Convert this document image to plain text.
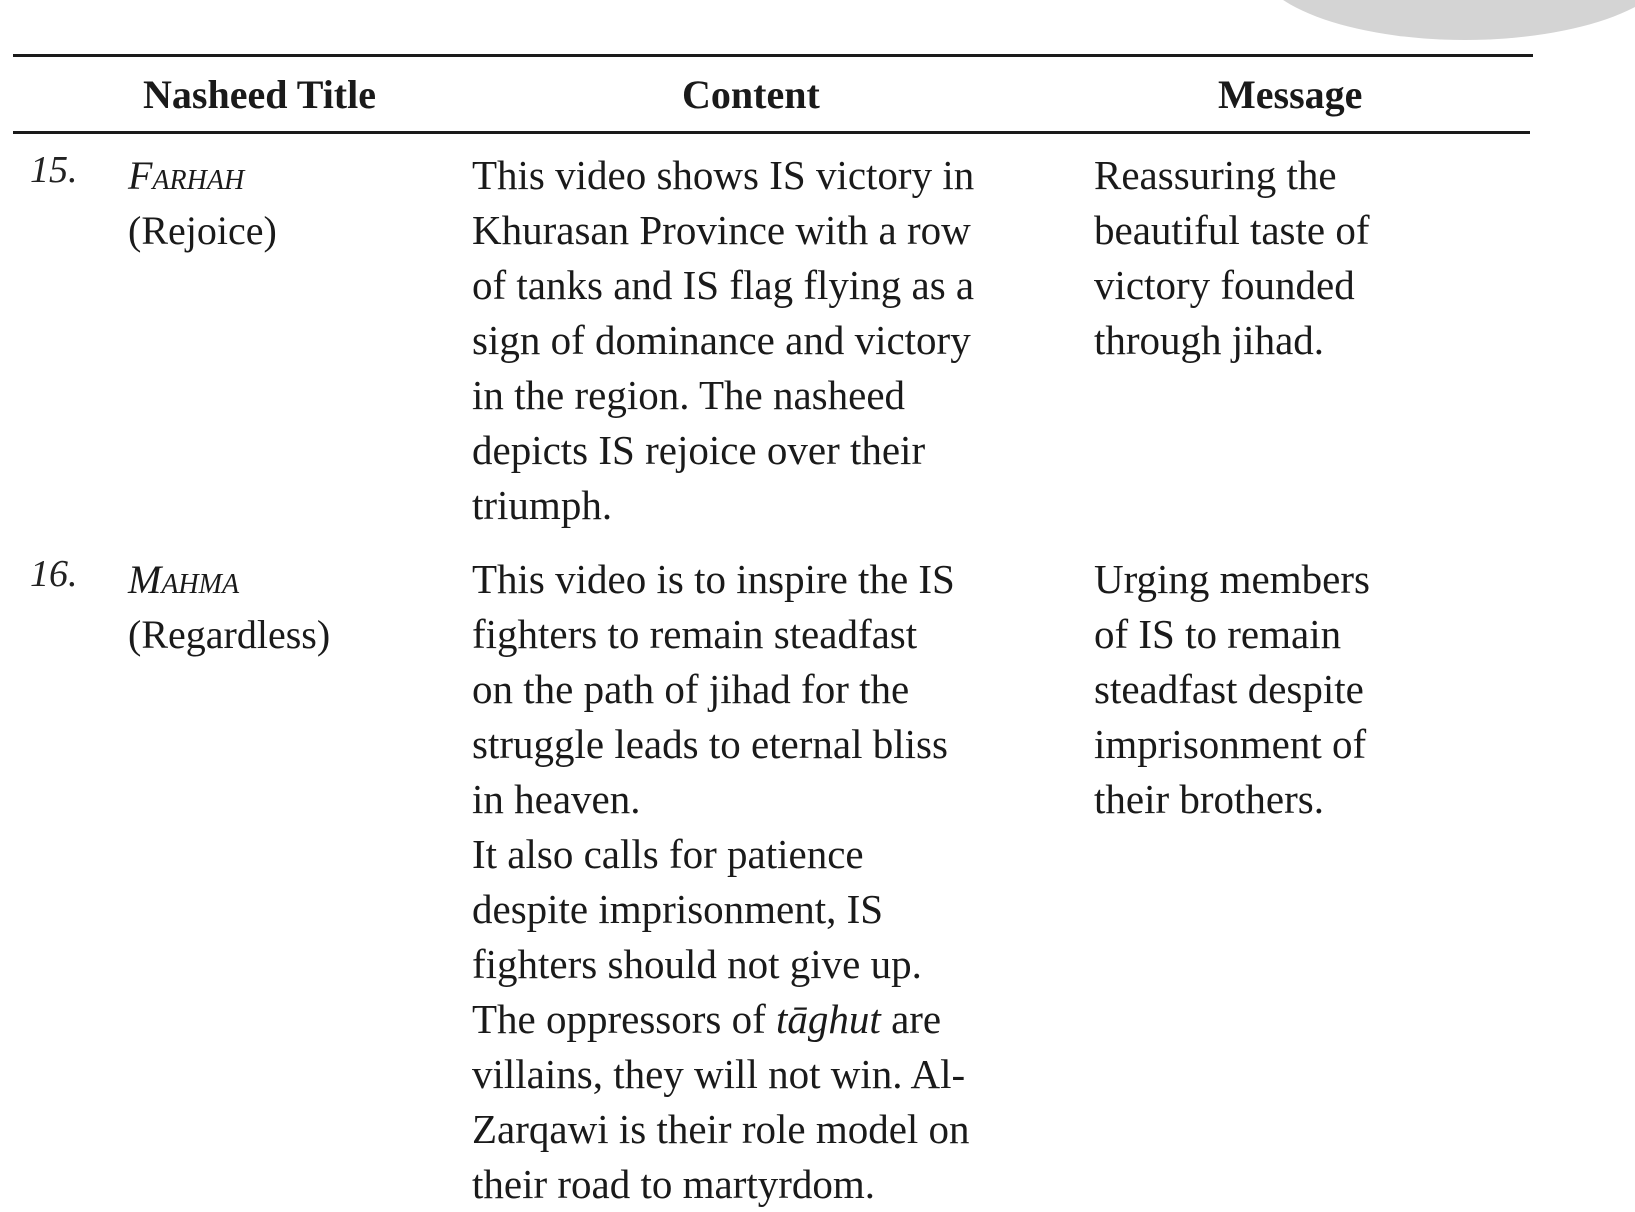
Nasheed Title	Content	Message
15. Farhah
(Rejoice)
This video shows IS victory in
Khurasan Province with a row
of tanks and IS flag flying as a
sign of dominance and victory
in the region. The nasheed
depicts IS rejoice over their
triumph.
Reassuring the
beautiful taste of
victory founded
through jihad.
16. Mahma
(Regardless)
This video is to inspire the IS
fighters to remain steadfast
on the path of jihad for the
struggle leads to eternal bliss
in heaven.
It also calls for patience
despite imprisonment, IS
fighters should not give up.
The oppressors of tāghut are
villains, they will not win. Al-
Zarqawi is their role model on
their road to martyrdom.
Urging members
of IS to remain
steadfast despite
imprisonment of
their brothers.
